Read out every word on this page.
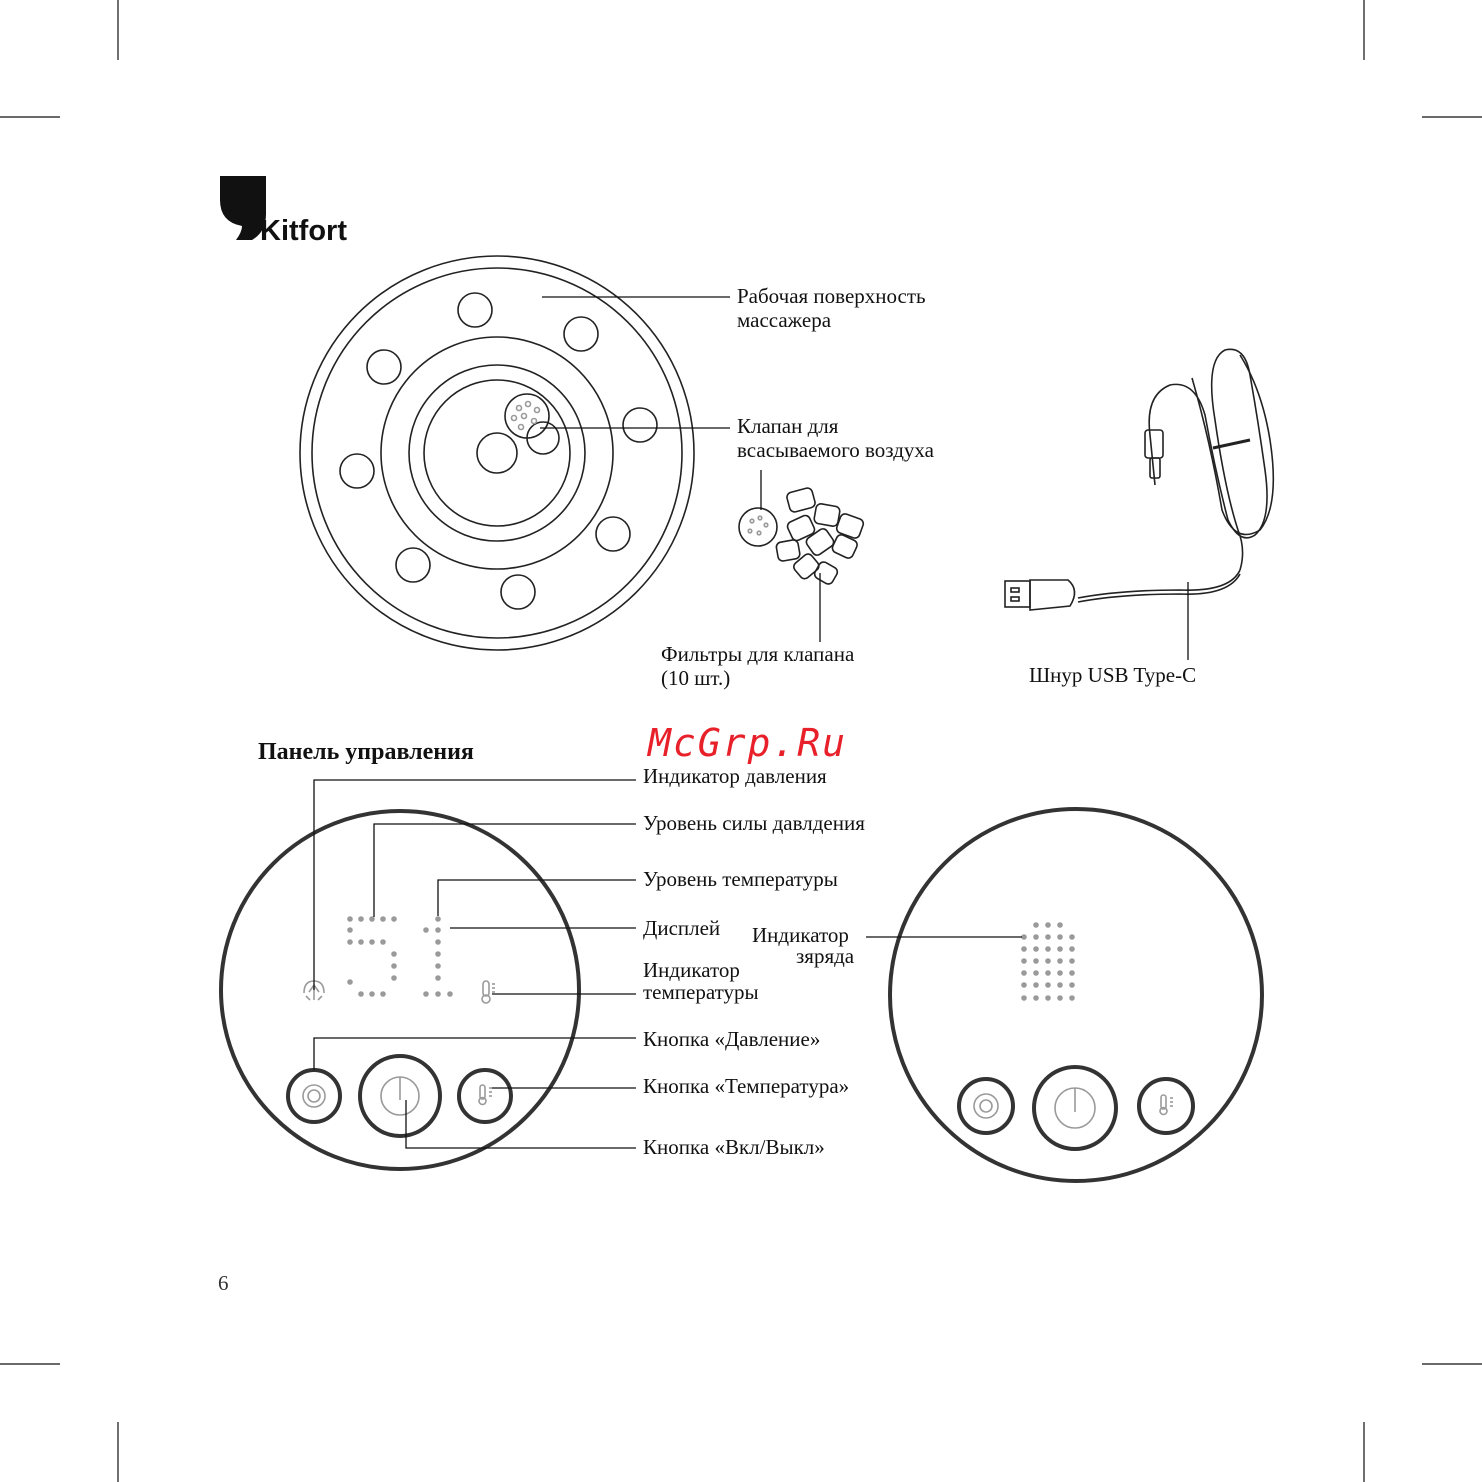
Kitfort
Рабочая поверхность
массажера
Клапан для
всасываемого воздуха
Фильтры для клапана
(10 шт.)	Шнур USB Type-C
Панель управления	McGrp.Ru
Индикатор давления
Уровень силы давлдения
Уровень температуры
Дисплей
Индикатор
температуры
Кнопка «Давление»
Кнопка «Температура»
Кнопка «Вкл/Выкл»
Индикатор
зяряда
6
